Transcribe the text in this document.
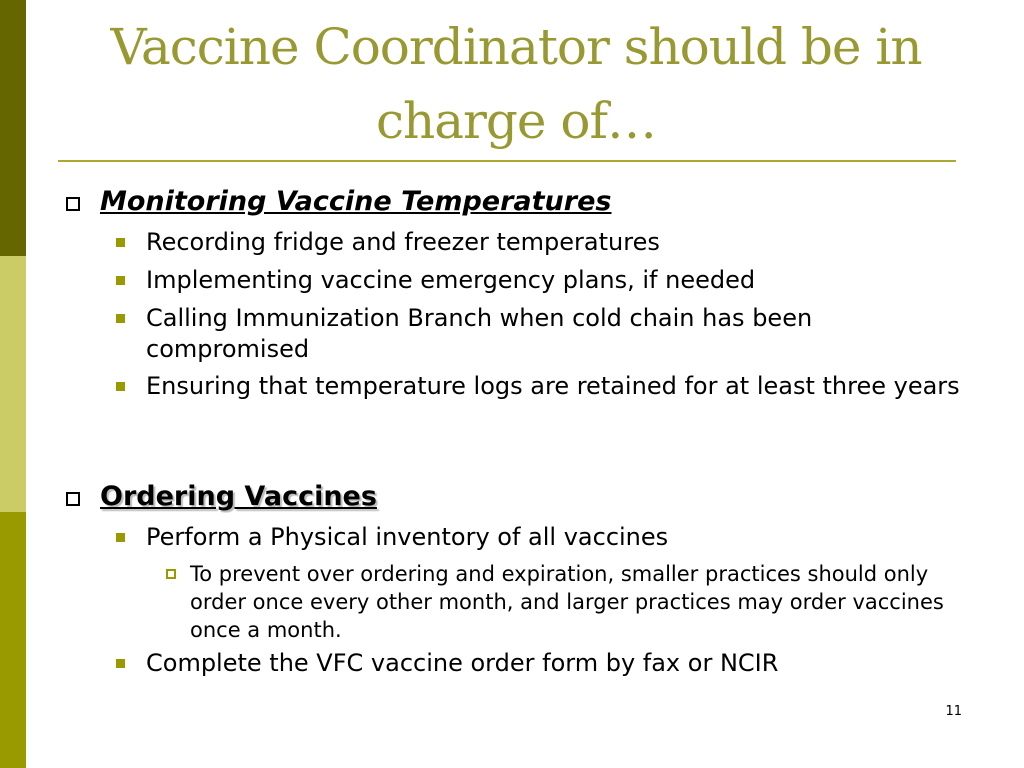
Vaccine Coordinator should be in charge of…
Monitoring Vaccine Temperatures
Recording fridge and freezer temperatures
Implementing vaccine emergency plans, if needed
Calling Immunization Branch when cold chain has been compromised
Ensuring that temperature logs are retained for at least three years
Ordering Vaccines
Perform a Physical inventory of all vaccines
To prevent over ordering and expiration, smaller practices should only order once every other month, and larger practices may order vaccines once a month.
Complete the VFC vaccine order form by fax or NCIR
11
